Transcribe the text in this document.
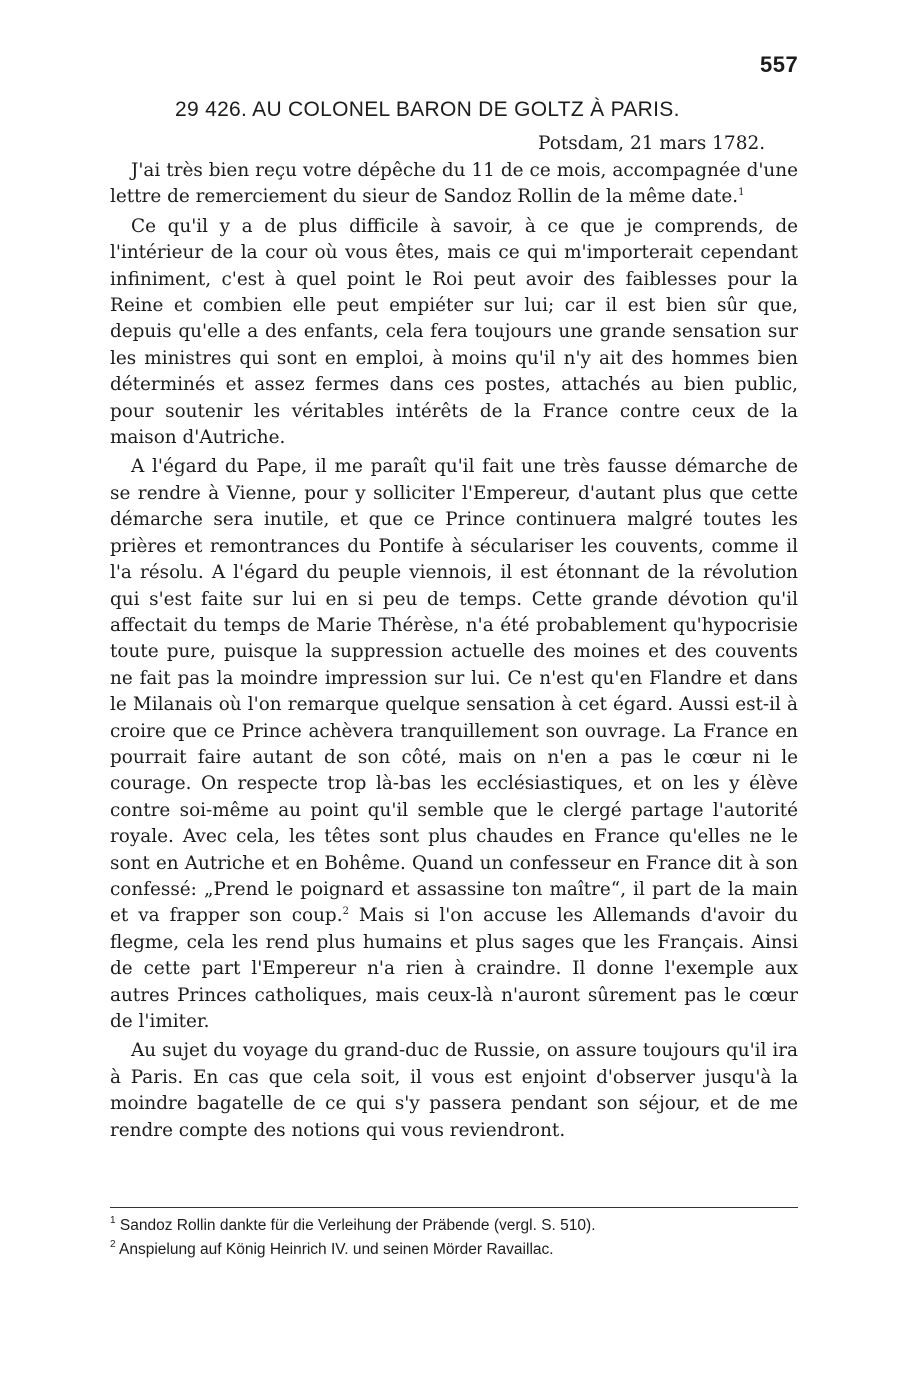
557
29 426. AU COLONEL BARON DE GOLTZ À PARIS.
Potsdam, 21 mars 1782.

J'ai très bien reçu votre dépêche du 11 de ce mois, accompagnée d'une lettre de remerciement du sieur de Sandoz Rollin de la même date.$^1$

Ce qu'il y a de plus difficile à savoir, à ce que je comprends, de l'intérieur de la cour où vous êtes, mais ce qui m'importerait cependant infiniment, c'est à quel point le Roi peut avoir des faiblesses pour la Reine et combien elle peut empiéter sur lui; car il est bien sûr que, depuis qu'elle a des enfants, cela fera toujours une grande sensation sur les ministres qui sont en emploi, à moins qu'il n'y ait des hommes bien déterminés et assez fermes dans ces postes, attachés au bien public, pour soutenir les véritables intérêts de la France contre ceux de la maison d'Autriche.

A l'égard du Pape, il me paraît qu'il fait une très fausse démarche de se rendre à Vienne, pour y solliciter l'Empereur, d'autant plus que cette démarche sera inutile, et que ce Prince continuera malgré toutes les prières et remontrances du Pontife à séculariser les couvents, comme il l'a résolu. A l'égard du peuple viennois, il est étonnant de la révolution qui s'est faite sur lui en si peu de temps. Cette grande dévotion qu'il affectait du temps de Marie Thérèse, n'a été probablement qu'hypocrisie toute pure, puisque la suppression actuelle des moines et des couvents ne fait pas la moindre impression sur lui. Ce n'est qu'en Flandre et dans le Milanais où l'on remarque quelque sensation à cet égard. Aussi est-il à croire que ce Prince achèvera tranquillement son ouvrage. La France en pourrait faire autant de son côté, mais on n'en a pas le cœur ni le courage. On respecte trop là-bas les ecclésiastiques, et on les y élève contre soi-même au point qu'il semble que le clergé partage l'autorité royale. Avec cela, les têtes sont plus chaudes en France qu'elles ne le sont en Autriche et en Bohême. Quand un confesseur en France dit à son confessé: „Prend le poignard et assassine ton maître“, il part de la main et va frapper son coup.$^2$ Mais si l'on accuse les Allemands d'avoir du flegme, cela les rend plus humains et plus sages que les Français. Ainsi de cette part l'Empereur n'a rien à craindre. Il donne l'exemple aux autres Princes catholiques, mais ceux-là n'auront sûrement pas le cœur de l'imiter.

Au sujet du voyage du grand-duc de Russie, on assure toujours qu'il ira à Paris. En cas que cela soit, il vous est enjoint d'observer jusqu'à la moindre bagatelle de ce qui s'y passera pendant son séjour, et de me rendre compte des notions qui vous reviendront.

$^1$ Sandoz Rollin dankte für die Verleihung der Präbende (vergl. S. 510).
$^2$ Anspielung auf König Heinrich IV. und seinen Mörder Ravaillac.
